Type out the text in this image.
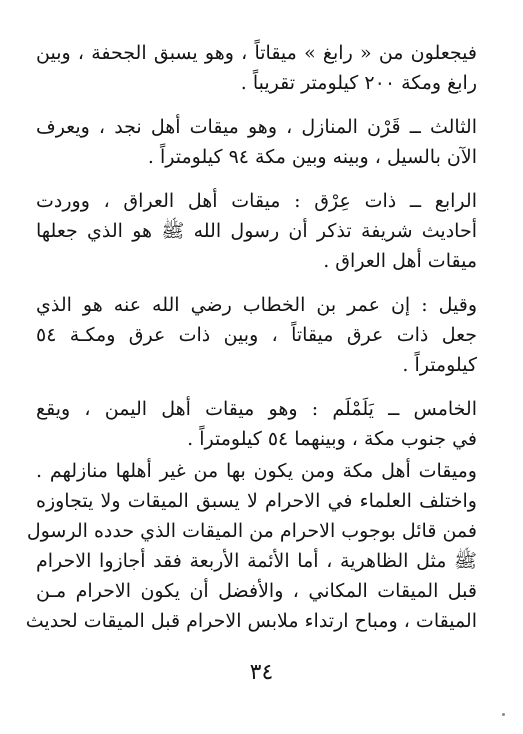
فيجعلون من « رابغ » ميقاتاً ، وهو يسبق الجحفة ، وبين
رابغ ومكة ٢٠٠ كيلومتر تقريباً .
الثالث ــ قَرْن المنازل ، وهو ميقات أهل نجد ، ويعرف
الآن بالسيل ، وبينه وبين مكة ٩٤ كيلومتراً .
الرابع ــ ذات عِرْق : ميقات أهل العراق ، ووردت
أحاديث شريفة تذكر أن رسول الله ﷺ هو الذي جعلها
ميقات أهل العراق .
وقيل : إن عمر بن الخطاب رضي الله عنه هو الذي
جعل ذات عرق ميقاتاً ، وبين ذات عرق ومكـة ٥٤
كيلومتراً .
الخامس ــ يَلَمْلَم : وهو ميقات أهل اليمن ، ويقع
في جنوب مكة ، وبينهما ٥٤ كيلومتراً .
وميقات أهل مكة ومن يكون بها من غير أهلها منازلهم .
واختلف العلماء في الاحرام لا يسبق الميقات ولا يتجاوزه
فمن قائل بوجوب الاحرام من الميقات الذي حدده الرسول
ﷺ مثل الظاهرية ، أما الأئمة الأربعة فقد أجازوا الاحرام
قبل الميقات المكاني ، والأفضل أن يكون الاحرام مـن
الميقات ، ومباح ارتداء ملابس الاحرام قبل الميقات لحديث
٣٤
